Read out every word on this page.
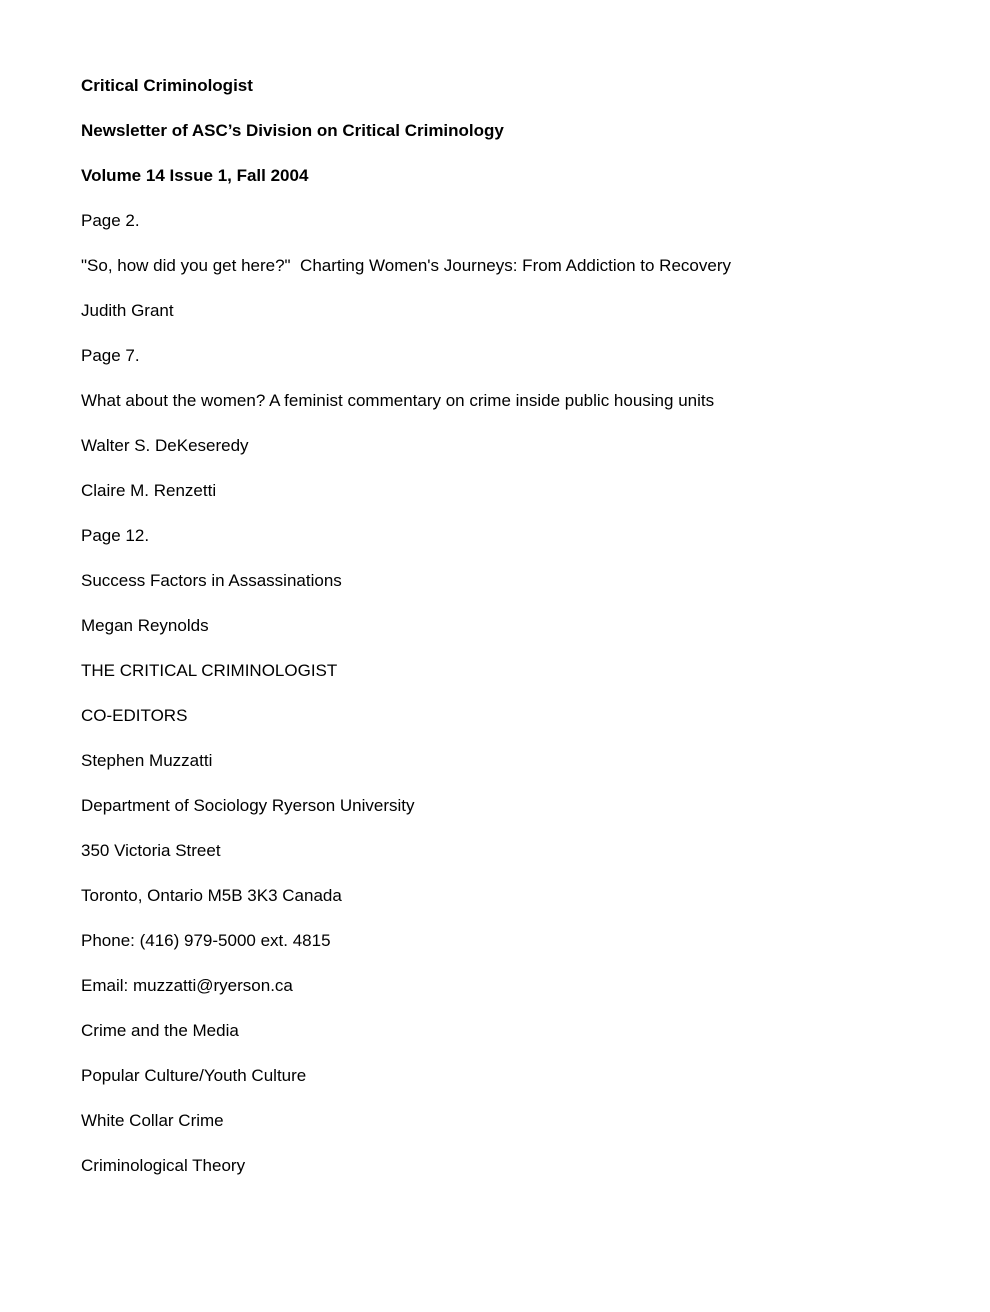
Critical Criminologist
Newsletter of ASC’s Division on Critical Criminology
Volume 14 Issue 1, Fall 2004
Page 2.
"So, how did you get here?"  Charting Women's Journeys: From Addiction to Recovery
Judith Grant
Page 7.
What about the women? A feminist commentary on crime inside public housing units
Walter S. DeKeseredy
Claire M. Renzetti
Page 12.
Success Factors in Assassinations
Megan Reynolds
THE CRITICAL CRIMINOLOGIST
CO-EDITORS
Stephen Muzzatti
Department of Sociology Ryerson University
350 Victoria Street
Toronto, Ontario M5B 3K3 Canada
Phone: (416) 979-5000 ext. 4815
Email: muzzatti@ryerson.ca
Crime and the Media
Popular Culture/Youth Culture
White Collar Crime
Criminological Theory
